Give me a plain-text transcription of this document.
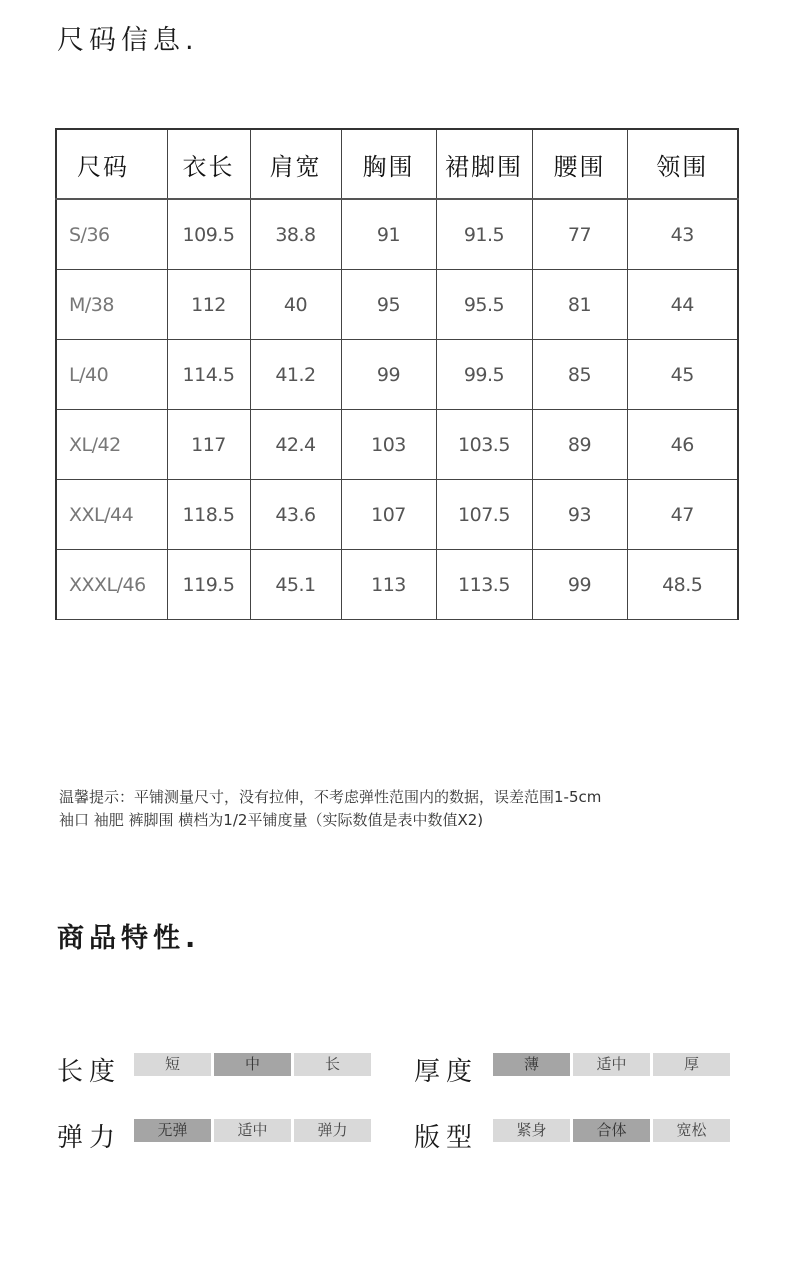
尺码信息.
尺码	衣长	肩宽	胸围	裙脚围	腰围	领围
S/36	109.5	38.8	91	91.5	77	43
M/38	112	40	95	95.5	81	44
L/40	114.5	41.2	99	99.5	85	45
XL/42	117	42.4	103	103.5	89	46
XXL/44	118.5	43.6	107	107.5	93	47
XXXL/46	119.5	45.1	113	113.5	99	48.5
温馨提示：平铺测量尺寸，没有拉伸，不考虑弹性范围内的数据，误差范围1-5cm
袖口 袖肥 裤脚围 横档为1/2平铺度量（实际数值是表中数值X2)
商品特性.
长度	短	中	长	厚度	薄	适中	厚
弹力	无弹	适中	弹力	版型	紧身	合体	宽松
